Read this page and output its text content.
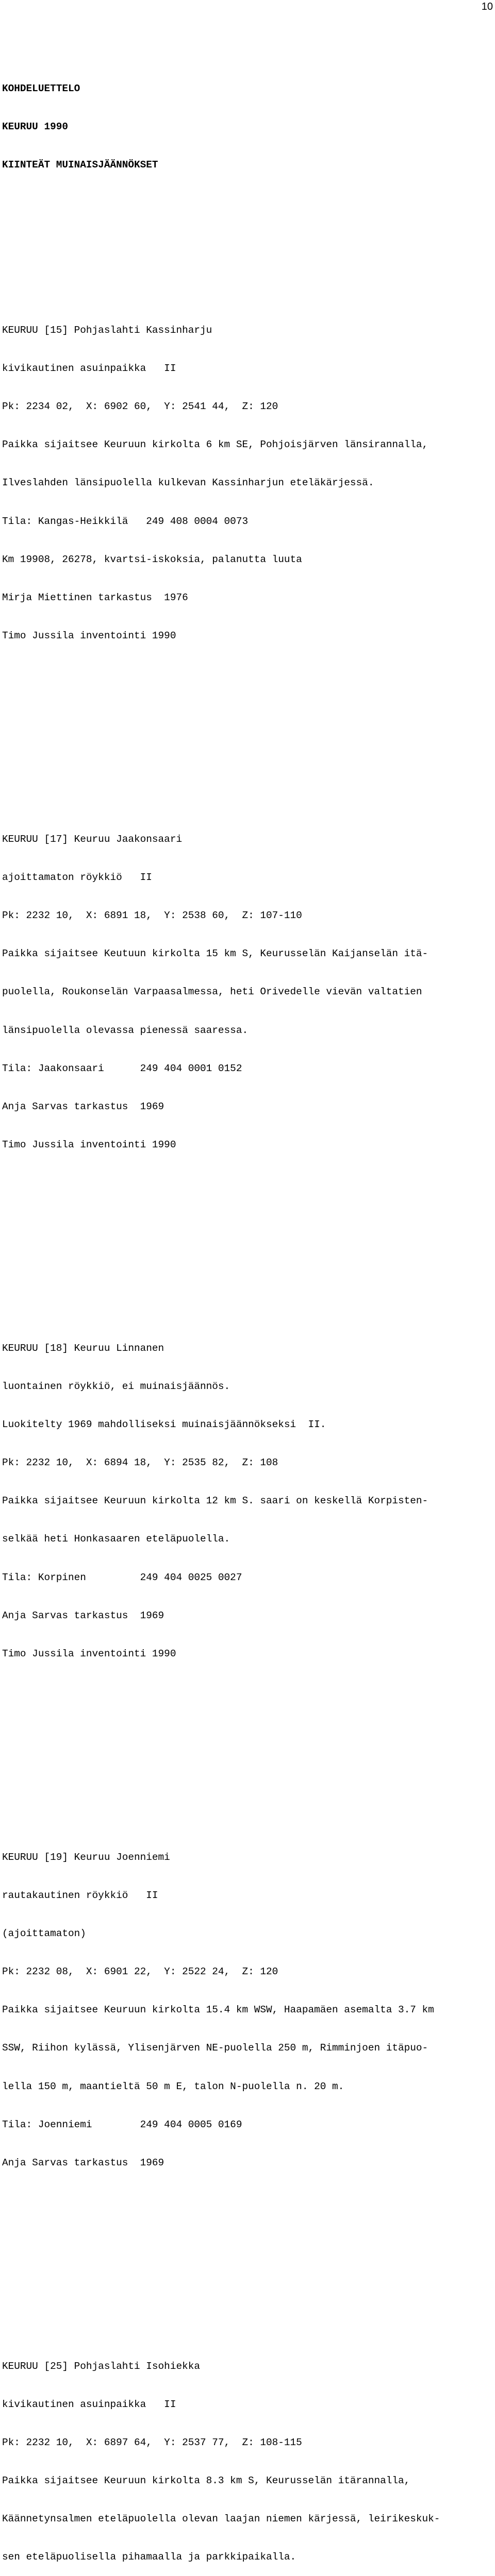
10

KOHDELUETTELO

KEURUU 1990

KIINTEÄT MUINAISJÄÄNNÖKSET

KEURUU [15] Pohjaslahti Kassinharju

kivikautinen asuinpaikka   II

Pk: 2234 02,  X: 6902 60,  Y: 2541 44,  Z: 120

Paikka sijaitsee Keuruun kirkolta 6 km SE, Pohjoisjärven länsirannalla,

Ilveslahden länsipuolella kulkevan Kassinharjun eteläkärjessä.

Tila: Kangas-Heikkilä   249 408 0004 0073

Km 19908, 26278, kvartsi-iskoksia, palanutta luuta

Mirja Miettinen tarkastus  1976

Timo Jussila inventointi 1990

KEURUU [17] Keuruu Jaakonsaari

ajoittamaton röykkiö   II

Pk: 2232 10,  X: 6891 18,  Y: 2538 60,  Z: 107-110

Paikka sijaitsee Keutuun kirkolta 15 km S, Keurusselän Kaijanselän itä-

puolella, Roukonselän Varpaasalmessa, heti Orivedelle vievän valtatien

länsipuolella olevassa pienessä saaressa.

Tila: Jaakonsaari      249 404 0001 0152

Anja Sarvas tarkastus  1969

Timo Jussila inventointi 1990

KEURUU [18] Keuruu Linnanen

luontainen röykkiö, ei muinaisjäännös.

Luokitelty 1969 mahdolliseksi muinaisjäännökseksi  II.

Pk: 2232 10,  X: 6894 18,  Y: 2535 82,  Z: 108

Paikka sijaitsee Keuruun kirkolta 12 km S. saari on keskellä Korpisten-

selkää heti Honkasaaren eteläpuolella.

Tila: Korpinen         249 404 0025 0027

Anja Sarvas tarkastus  1969

Timo Jussila inventointi 1990

KEURUU [19] Keuruu Joenniemi

rautakautinen röykkiö   II

(ajoittamaton)

Pk: 2232 08,  X: 6901 22,  Y: 2522 24,  Z: 120

Paikka sijaitsee Keuruun kirkolta 15.4 km WSW, Haapamäen asemalta 3.7 km

SSW, Riihon kylässä, Ylisenjärven NE-puolella 250 m, Rimminjoen itäpuo-

lella 150 m, maantieltä 50 m E, talon N-puolella n. 20 m.

Tila: Joenniemi        249 404 0005 0169

Anja Sarvas tarkastus  1969

KEURUU [25] Pohjaslahti Isohiekka

kivikautinen asuinpaikka   II

Pk: 2232 10,  X: 6897 64,  Y: 2537 77,  Z: 108-115

Paikka sijaitsee Keuruun kirkolta 8.3 km S, Keurusselän itärannalla,

Käännetynsalmen eteläpuolella olevan laajan niemen kärjessä, leirikeskuk-

sen eteläpuolisella pihamaalla ja parkkipaikalla.
